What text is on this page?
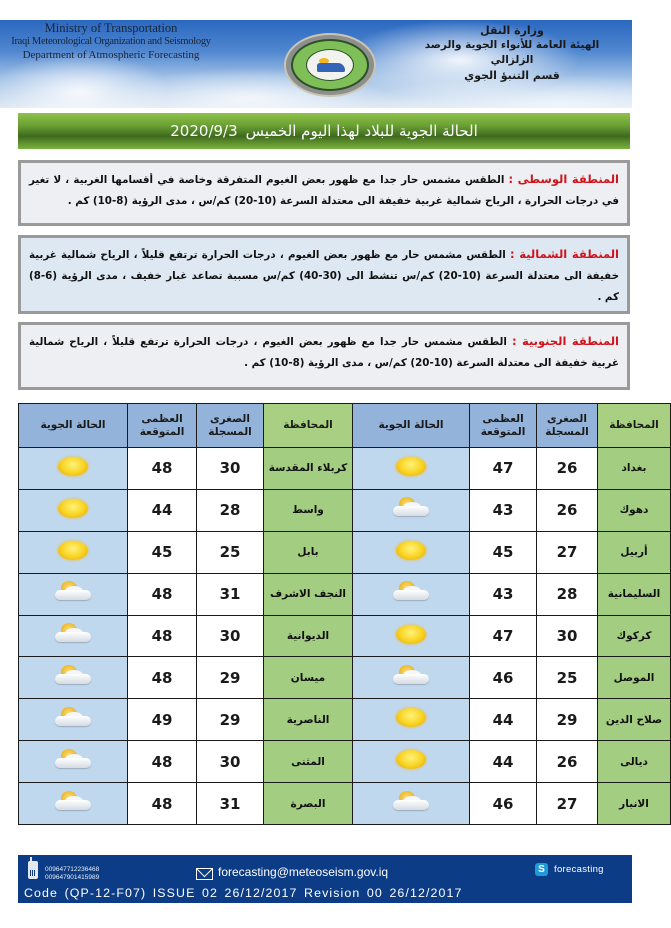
Ministry of Transportation
Iraqi Meteorological Organization and Seismology
Department of Atmospheric Forecasting
وزارة النقل
الهيئة العامة للأنواء الجوية والرصد الزلزالي
قسم التنبؤ الجوي
الحالة الجوية للبلاد لهذا اليوم الخميس
2020/9/3
المنطقة الوسطى : الطقس مشمس حار جدا مع ظهور بعض الغيوم المتفرقة وخاصة في أقسامها الغربية ، لا تغير في درجات الحرارة ، الرياح شمالية غربية خفيفة الى معتدلة السرعة (10-20) كم/س ، مدى الرؤية (8-10) كم .
المنطقة الشمالية : الطقس مشمس حار مع ظهور بعض الغيوم ، درجات الحرارة ترتفع قليلاً ، الرياح شمالية غربية خفيفة الى معتدلة السرعة (10-20) كم/س تنشط الى (30-40) كم/س مسببة تصاعد غبار خفيف ، مدى الرؤية (6-8) كم .
المنطقة الجنوبية : الطقس مشمس حار جدا مع ظهور بعض الغيوم ، درجات الحرارة ترتفع قليلاً ، الرياح شمالية غربية خفيفة الى معتدلة السرعة (10-20) كم/س ، مدى الرؤية (8-10) كم .
المحافظة	الصغرى المسجلة	العظمى المتوقعة	الحالة الجوية	المحافظة	الصغرى المسجلة	العظمى المتوقعة	الحالة الجوية
بغداد	26	47		كربلاء المقدسة	30	48	
دهوك	26	43		واسط	28	44	
أربيل	27	45		بابل	25	45	
السليمانية	28	43		النجف الاشرف	31	48	

كركوك	30	47		الديوانية	30	48	

الموصل	25	46		ميسان	29	48	

صلاح الدين	29	44		الناصرية	29	49	

ديالى	26	44		المثنى	30	48	

الانبار	27	46		البصرة	31	48	
009647712236468
009647901415989	forecasting@meteoseism.gov.iq	S forecasting
Code (QP-12-F07) ISSUE 02 26/12/2017 Revision 00 26/12/2017
